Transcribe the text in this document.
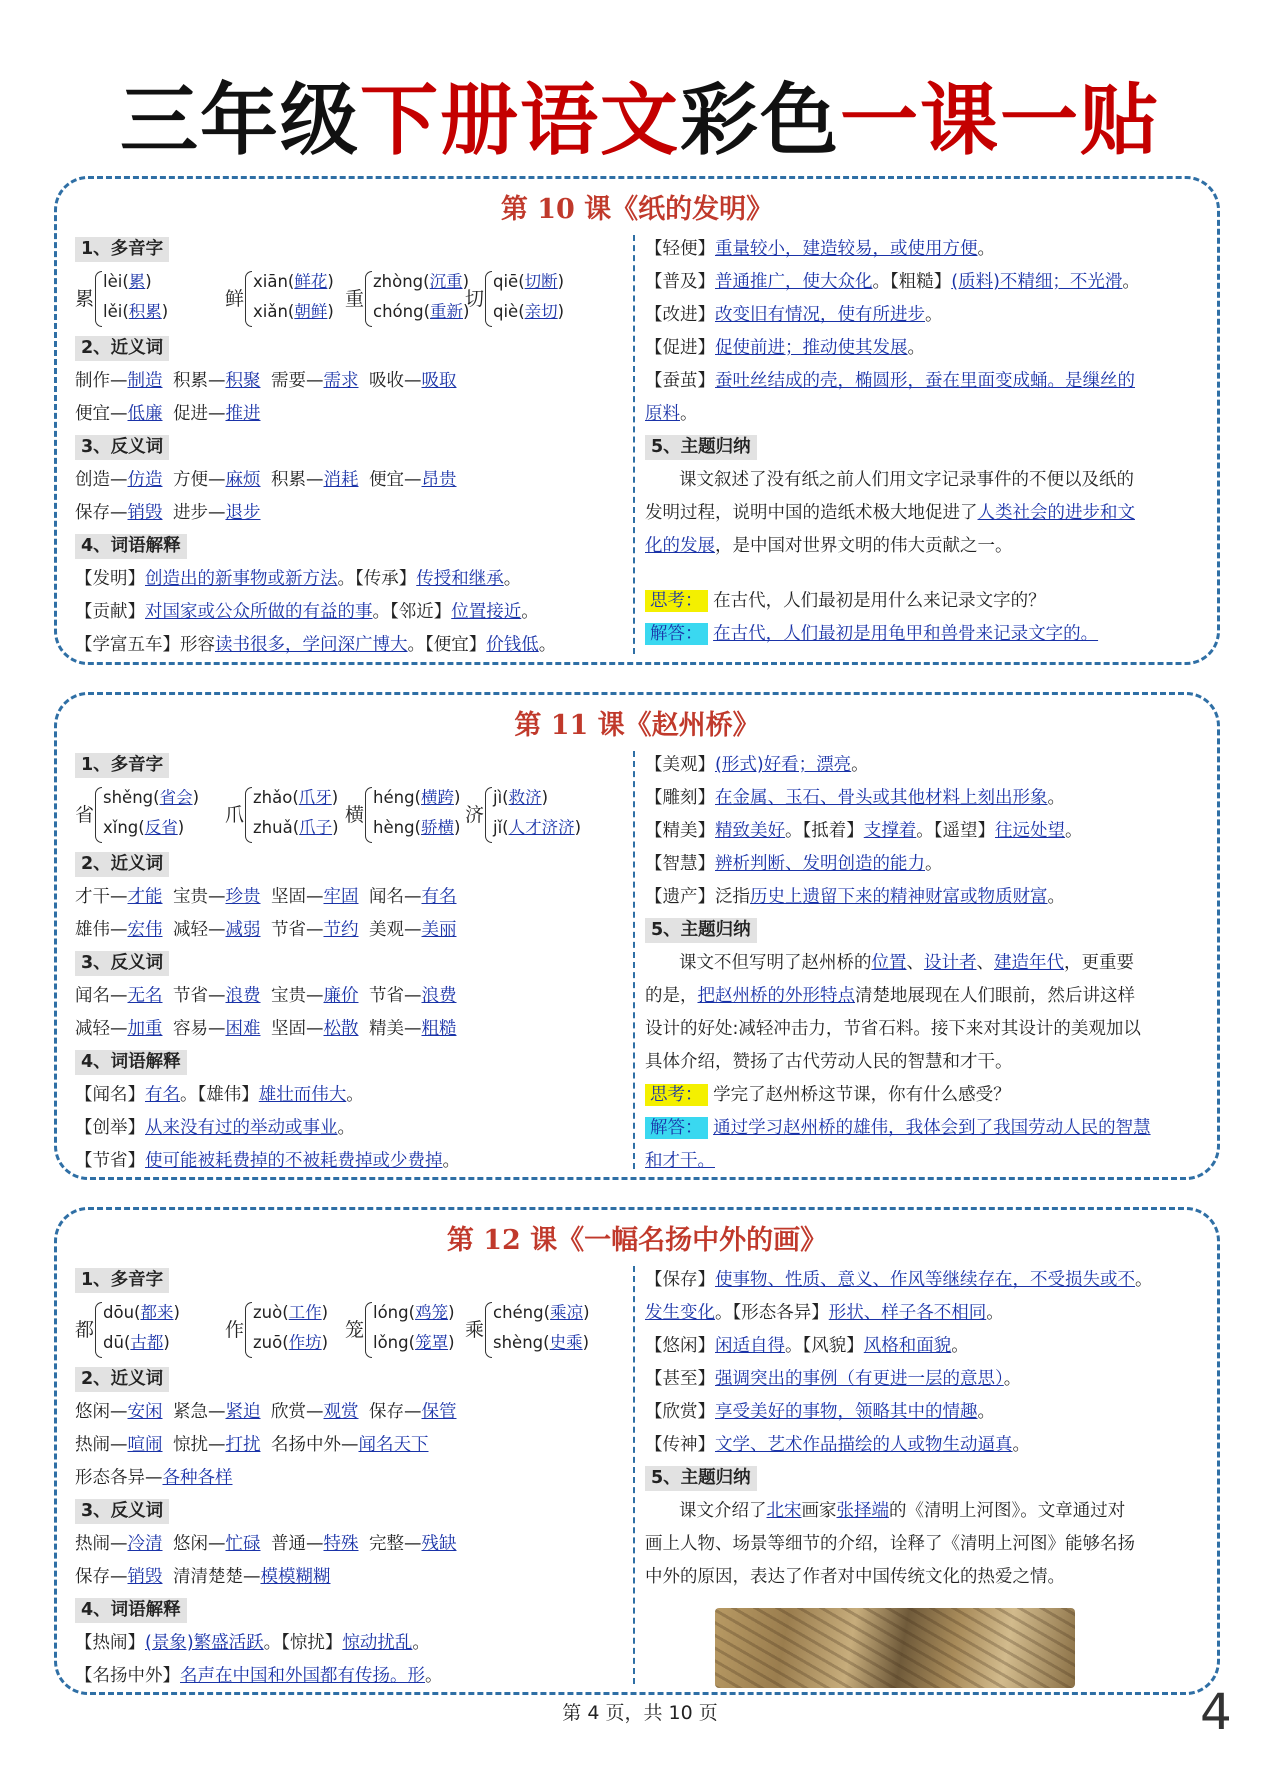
三年级下册语文彩色一课一贴
第 10 课《纸的发明》
1、多音字
累
lèi(累)
lěi(积累)
鲜
xiān(鲜花)
xiǎn(朝鲜)
重
zhòng(沉重)
chóng(重新)
切
qiē(切断)
qiè(亲切)
2、近义词
制作—制造 积累—积聚 需要—需求 吸收—吸取
便宜—低廉 促进—推进
3、反义词
创造—仿造 方便—麻烦 积累—消耗 便宜—昂贵
保存—销毁 进步—退步
4、词语解释
【发明】创造出的新事物或新方法。【传承】传授和继承。
【贡献】对国家或公众所做的有益的事。【邻近】位置接近。
【学富五车】形容读书很多，学问深广博大。【便宜】价钱低。
【轻便】重量较小，建造较易，或使用方便。
【普及】普通推广，使大众化。【粗糙】(质料)不精细；不光滑。
【改进】改变旧有情况，使有所进步。
【促进】促使前进；推动使其发展。
【蚕茧】蚕吐丝结成的壳，椭圆形，蚕在里面变成蛹。是缫丝的
原料。
5、主题归纳
课文叙述了没有纸之前人们用文字记录事件的不便以及纸的
发明过程，说明中国的造纸术极大地促进了人类社会的进步和文
化的发展，是中国对世界文明的伟大贡献之一。
思考： 在古代，人们最初是用什么来记录文字的？
解答： 在古代，人们最初是用龟甲和兽骨来记录文字的。
第 11 课《赵州桥》
1、多音字
省
shěng(省会)
xǐng(反省)
爪
zhǎo(爪牙)
zhuǎ(爪子)
横
héng(横跨)
hèng(骄横)
济
jì(救济)
jǐ(人才济济)
2、近义词
才干—才能 宝贵—珍贵 坚固—牢固 闻名—有名
雄伟—宏伟 减轻—减弱 节省—节约 美观—美丽
3、反义词
闻名—无名 节省—浪费 宝贵—廉价 节省—浪费
减轻—加重 容易—困难 坚固—松散 精美—粗糙
4、词语解释
【闻名】有名。【雄伟】雄壮而伟大。
【创举】从来没有过的举动或事业。
【节省】使可能被耗费掉的不被耗费掉或少费掉。
【美观】(形式)好看；漂亮。
【雕刻】在金属、玉石、骨头或其他材料上刻出形象。
【精美】精致美好。【抵着】支撑着。【遥望】往远处望。
【智慧】辨析判断、发明创造的能力。
【遗产】泛指历史上遗留下来的精神财富或物质财富。
5、主题归纳
课文不但写明了赵州桥的位置、设计者、建造年代，更重要
的是，把赵州桥的外形特点清楚地展现在人们眼前，然后讲这样
设计的好处:减轻冲击力，节省石料。接下来对其设计的美观加以
具体介绍，赞扬了古代劳动人民的智慧和才干。
思考： 学完了赵州桥这节课，你有什么感受？
解答： 通过学习赵州桥的雄伟，我体会到了我国劳动人民的智慧
和才干。
第 12 课《一幅名扬中外的画》
1、多音字
都
dōu(都来)
dū(古都)
作
zuò(工作)
zuō(作坊)
笼
lóng(鸡笼)
lǒng(笼罩)
乘
chéng(乘凉)
shèng(史乘)
2、近义词
悠闲—安闲 紧急—紧迫 欣赏—观赏 保存—保管
热闹—喧闹 惊扰—打扰 名扬中外—闻名天下
形态各异—各种各样
3、反义词
热闹—冷清 悠闲—忙碌 普通—特殊 完整—残缺
保存—销毁 清清楚楚—模模糊糊
4、词语解释
【热闹】(景象)繁盛活跃。【惊扰】惊动扰乱。
【名扬中外】名声在中国和外国都有传扬。形。
【保存】使事物、性质、意义、作风等继续存在，不受损失或不。
发生变化。【形态各异】形状、样子各不相同。
【悠闲】闲适自得。【风貌】风格和面貌。
【甚至】强调突出的事例（有更进一层的意思）。
【欣赏】享受美好的事物，领略其中的情趣。
【传神】文学、艺术作品描绘的人或物生动逼真。
5、主题归纳
课文介绍了北宋画家张择端的《清明上河图》。文章通过对
画上人物、场景等细节的介绍，诠释了《清明上河图》能够名扬
中外的原因，表达了作者对中国传统文化的热爱之情。
第 4 页，共 10 页	4
